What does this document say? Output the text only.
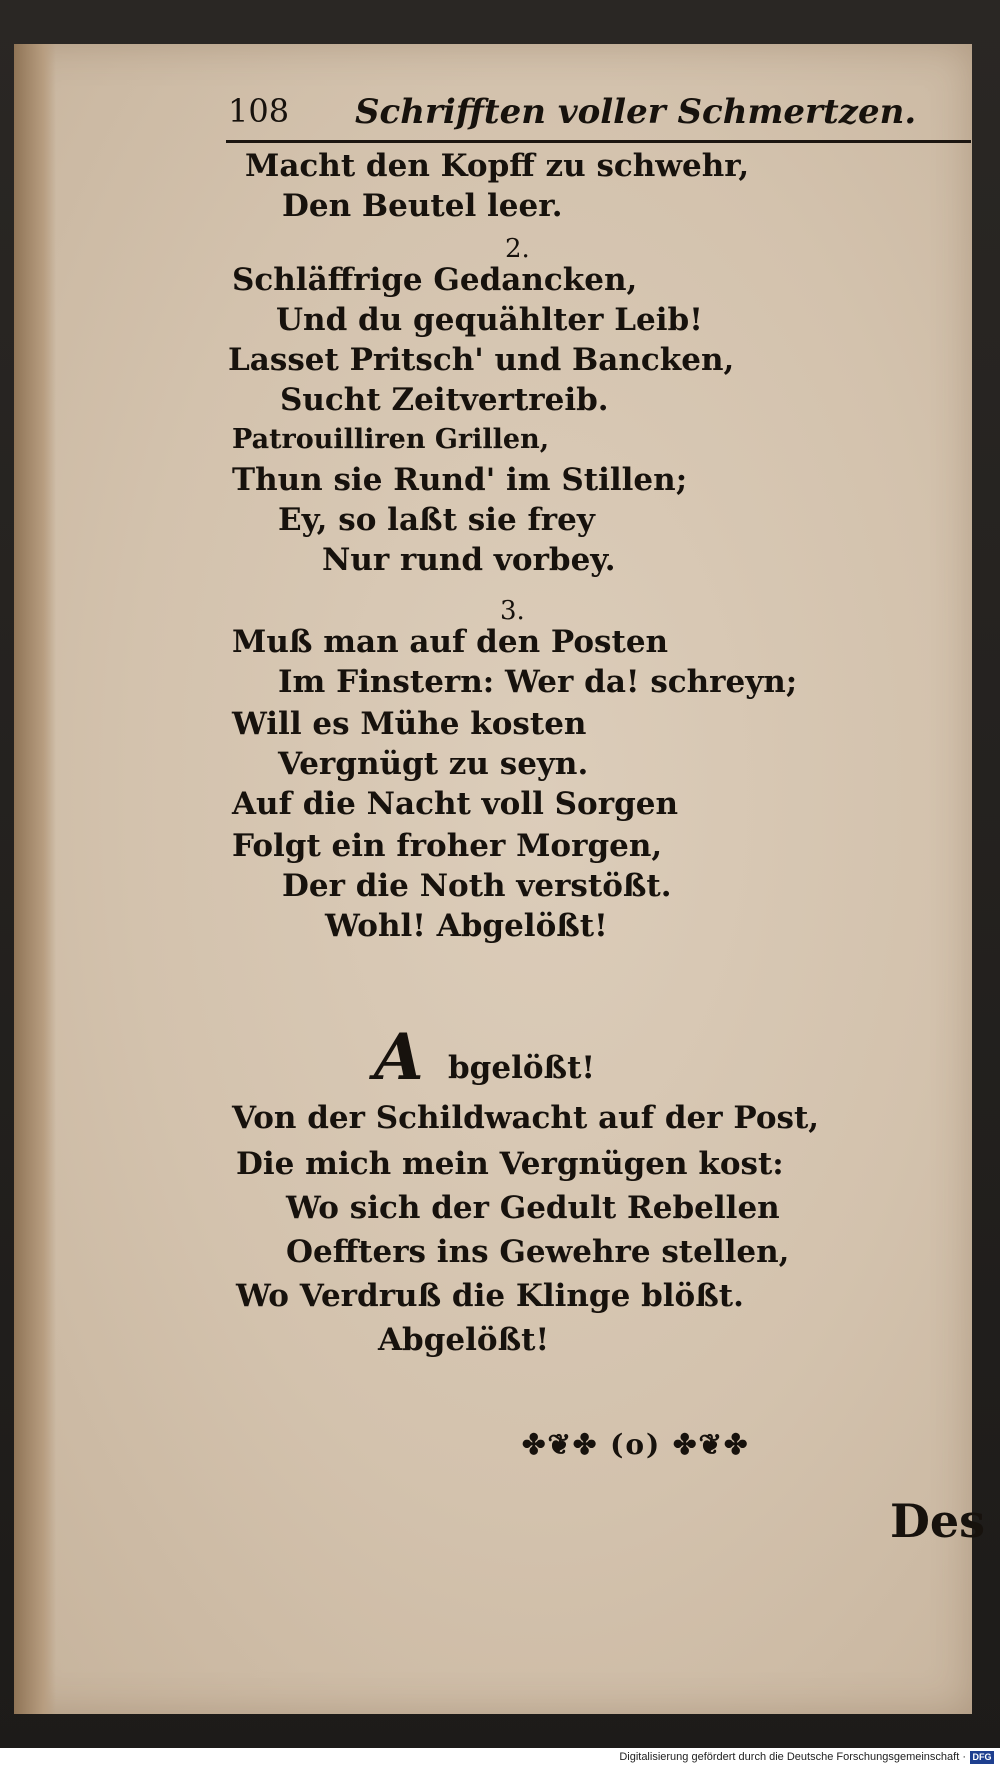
108 Schrifften voller Schmertzen.
Macht den Kopff zu schwehr,
Den Beutel leer.
2.
Schläffrige Gedancken,
Und du gequählter Leib!
Lasset Pritsch' und Bancken,
Sucht Zeitvertreib.
Patrouilliren Grillen,
Thun sie Rund' im Stillen;
Ey, so laßt sie frey
Nur rund vorbey.
3.
Muß man auf den Posten
Im Finstern: Wer da! schreyn;
Will es Mühe kosten
Vergnügt zu seyn.
Auf die Nacht voll Sorgen
Folgt ein froher Morgen,
Der die Noth verstößt.
Wohl! Abgelößt!
A bgelößt!
Von der Schildwacht auf der Post,
Die mich mein Vergnügen kost:
Wo sich der Gedult Rebellen
Oeffters ins Gewehre stellen,
Wo Verdruß die Klinge blößt.
Abgelößt!
✤❦✤ (o) ✤❦✤
Des
Digitalisierung gefördert durch die Deutsche Forschungsgemeinschaft · DFG
